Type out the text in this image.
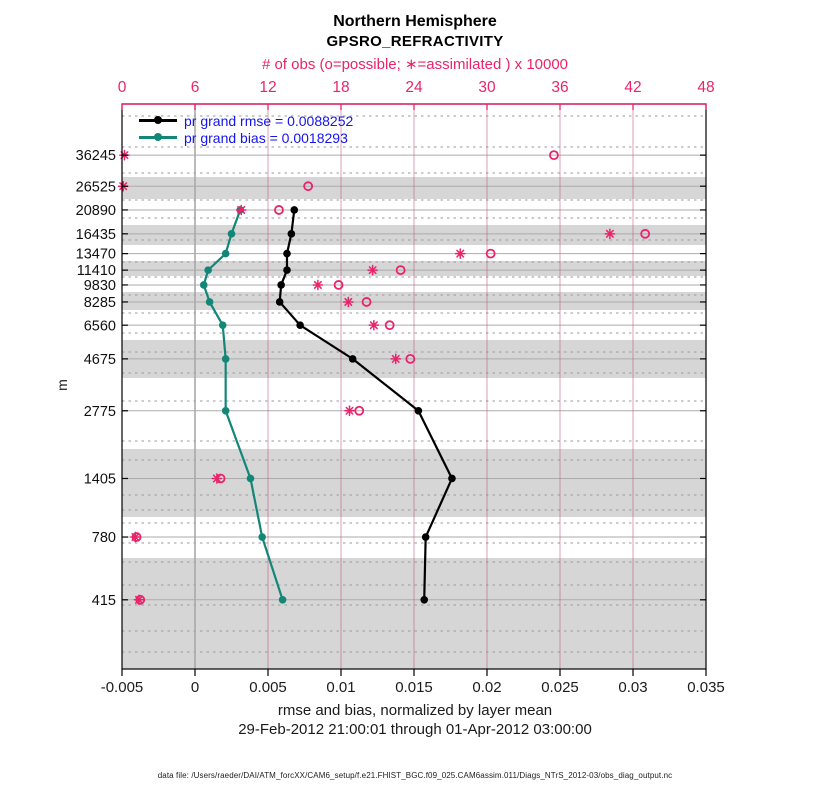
0	6	12	18	24	30	36	42	48
-0.005	0	0.005	0.01	0.015	0.02	0.025	0.03	0.035
36245
26525
20890
16435
13470
11410
9830
8285
6560
4675
2775
1405
780
415
Northern Hemisphere
GPSRO_REFRACTIVITY
# of obs (o=possible; ∗=assimilated ) x 10000
pr grand rmse = 0.0088252
pr grand bias = 0.0018293
m
rmse and bias, normalized by layer mean
29-Feb-2012 21:00:01 through 01-Apr-2012 03:00:00
data file: /Users/raeder/DAI/ATM_forcXX/CAM6_setup/f.e21.FHIST_BGC.f09_025.CAM6assim.011/Diags_NTrS_2012-03/obs_diag_output.nc
